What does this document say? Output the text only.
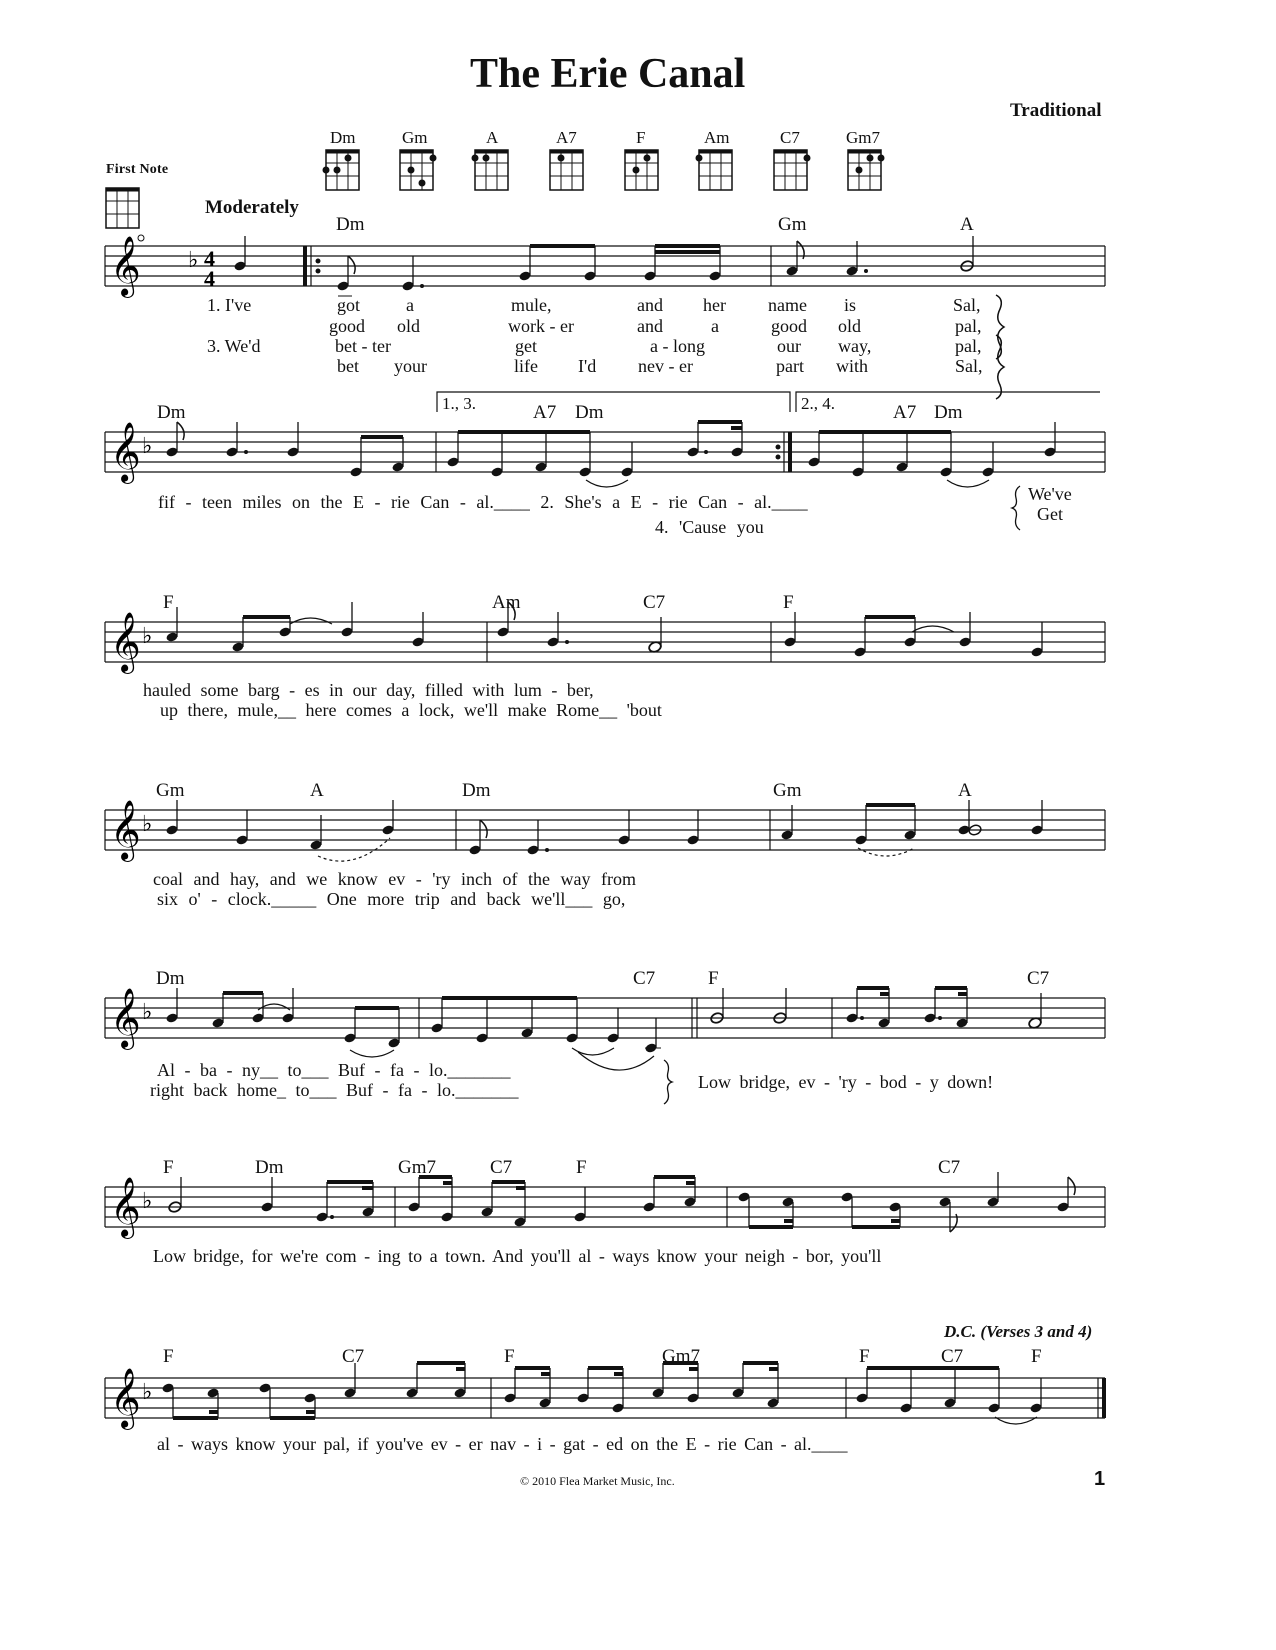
The Erie Canal
Traditional
First Note
Moderately
Dm	Gm	A	A7	F	Am	C7	Gm7
𝄞 ♭ 4
4
𝄞 ♭
𝄞 ♭
𝄞 ♭
𝄞 ♭
𝄞 ♭
𝄞 ♭
Dm	Gm	A
1. I've	got	a	mule,	and her name is	Sal,
good old	work - er	and	a	good old	pal,
3. We'd	bet - ter	get	a - long	our way,	pal,
bet your	life I'd nev - er	part with	Sal,
Dm	A7 Dm	A7 Dm
1., 3.	2., 4.
fif - teen miles on the E - rie Can - al.____ 2. She's a E - rie Can - al.____
4. 'Cause you
We've
Get
F	Am	C7	F
hauled some barg - es in our day, filled with lum - ber,
up there, mule,__ here comes a lock, we'll make Rome__ 'bout
Gm	A	Dm	Gm	A
coal and hay, and we know ev - 'ry inch of the way from
six o' - clock._____ One more trip and back we'll___ go,
Dm	C7	F	C7
Al - ba - ny__ to___ Buf - fa - lo._______
right back home_ to___ Buf - fa - lo._______	Low bridge, ev - 'ry - bod - y down!
F	Dm	Gm7	C7	F	C7
Low bridge, for we're com - ing to a town. And you'll al - ways know your neigh - bor, you'll
D.C. (Verses 3 and 4)
F	C7	F	Gm7	F	C7	F
al - ways know your pal, if you've ev - er nav - i - gat - ed on the E - rie Can - al.____
© 2010 Flea Market Music, Inc.	1
